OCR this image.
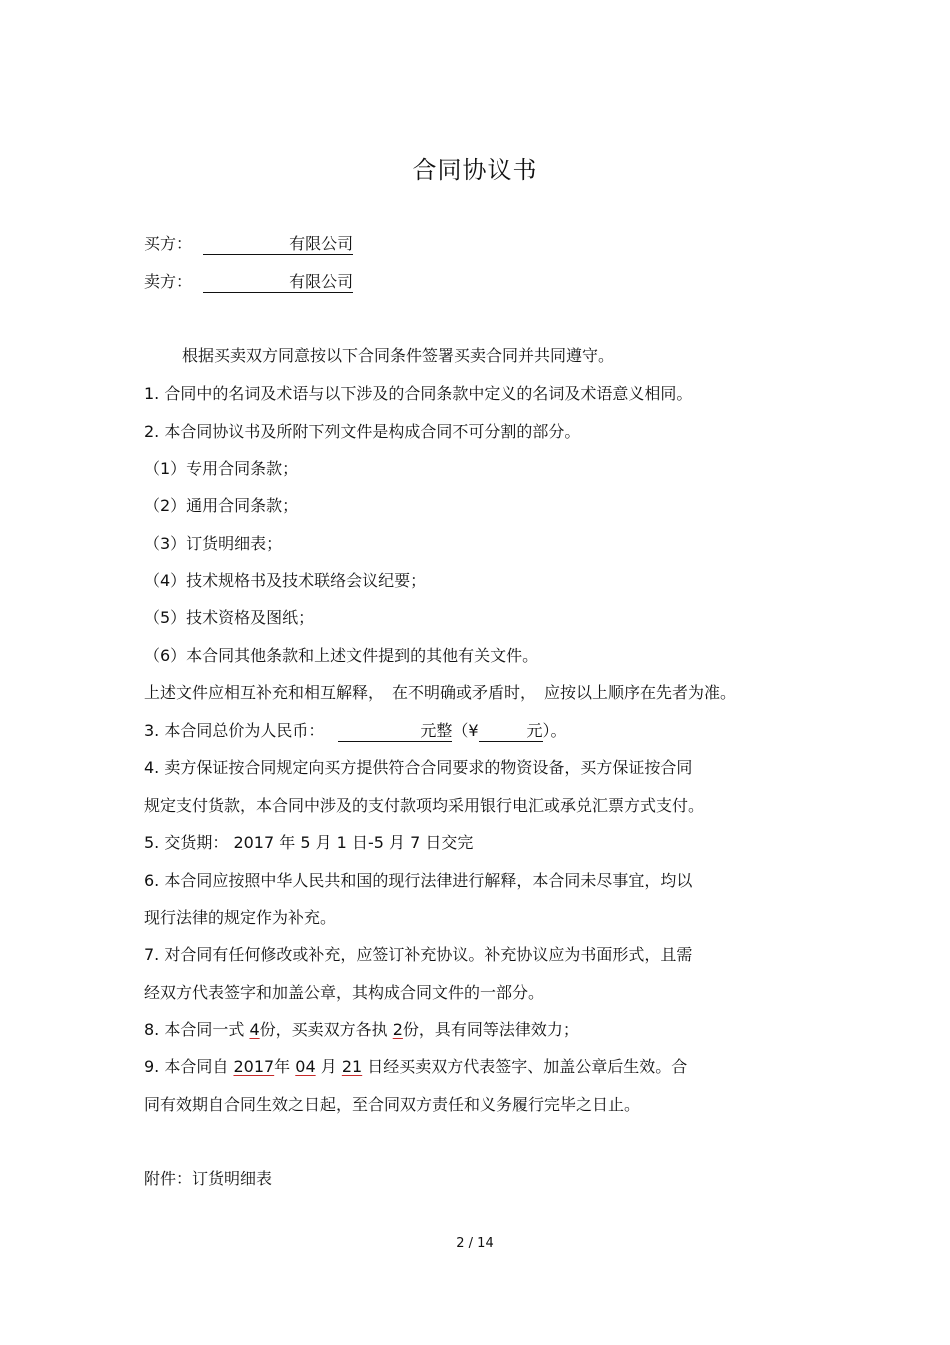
合同协议书
买方：	有限公司
卖方：	有限公司
根据买卖双方同意按以下合同条件签署买卖合同并共同遵守。
1. 合同中的名词及术语与以下涉及的合同条款中定义的名词及术语意义相同。
2. 本合同协议书及所附下列文件是构成合同不可分割的部分。
（1）专用合同条款；
（2）通用合同条款；
（3）订货明细表；
（4）技术规格书及技术联络会议纪要；
（5）技术资格及图纸；
（6）本合同其他条款和上述文件提到的其他有关文件。
上述文件应相互补充和相互解释，　在不明确或矛盾时，　应按以上顺序在先者为准。
3. 本合同总价为人民币：	元整（¥	元）。
4. 卖方保证按合同规定向买方提供符合合同要求的物资设备，买方保证按合同
规定支付货款，本合同中涉及的支付款项均采用银行电汇或承兑汇票方式支付。
5. 交货期： 2017 年 5 月 1 日-5 月 7 日交完
6. 本合同应按照中华人民共和国的现行法律进行解释，本合同未尽事宜，均以
现行法律的规定作为补充。
7. 对合同有任何修改或补充，应签订补充协议。补充协议应为书面形式，且需
经双方代表签字和加盖公章，其构成合同文件的一部分。
8. 本合同一式 4份，买卖双方各执 2份，具有同等法律效力；
9. 本合同自 2017年 04 月 21 日经买卖双方代表签字、加盖公章后生效。合
同有效期自合同生效之日起，至合同双方责任和义务履行完毕之日止。
附件：订货明细表
2 / 14
